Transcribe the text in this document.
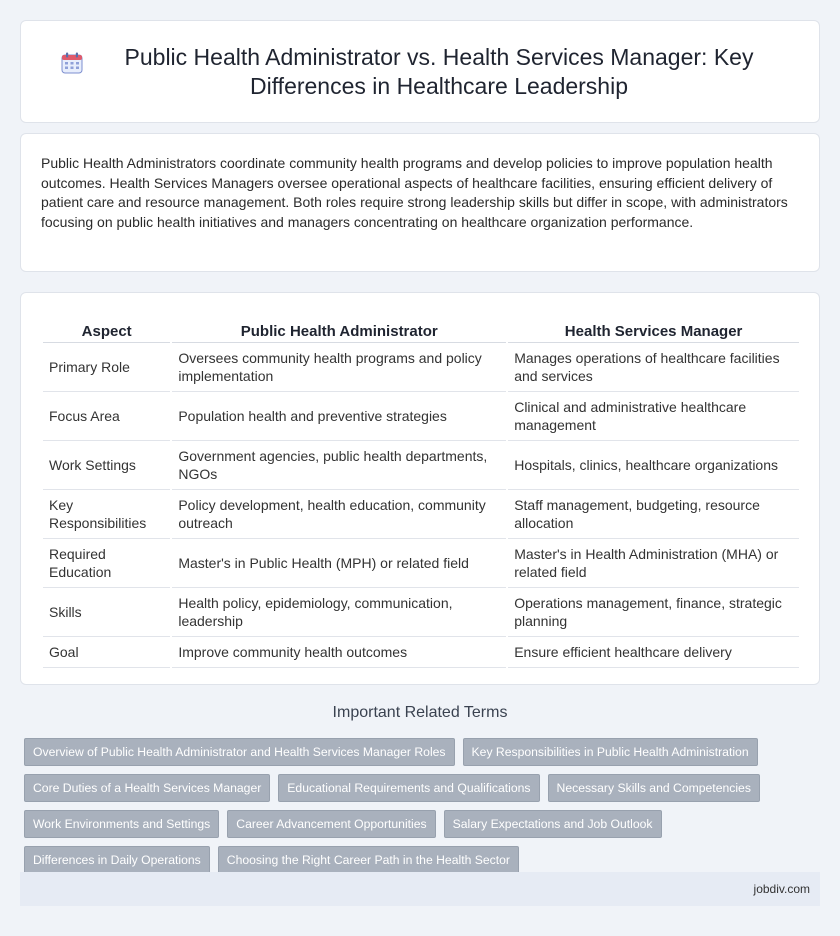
Public Health Administrator vs. Health Services Manager: Key Differences in Healthcare Leadership

Public Health Administrators coordinate community health programs and develop policies to improve population health outcomes. Health Services Managers oversee operational aspects of healthcare facilities, ensuring efficient delivery of patient care and resource management. Both roles require strong leadership skills but differ in scope, with administrators focusing on public health initiatives and managers concentrating on healthcare organization performance.

Aspect	Public Health Administrator	Health Services Manager
Primary Role	Oversees community health programs and policy implementation	Manages operations of healthcare facilities and services
Focus Area	Population health and preventive strategies	Clinical and administrative healthcare management
Work Settings	Government agencies, public health departments, NGOs	Hospitals, clinics, healthcare organizations
Key Responsibilities	Policy development, health education, community outreach	Staff management, budgeting, resource allocation
Required Education	Master's in Public Health (MPH) or related field	Master's in Health Administration (MHA) or related field
Skills	Health policy, epidemiology, communication, leadership	Operations management, finance, strategic planning
Goal	Improve community health outcomes	Ensure efficient healthcare delivery
Important Related Terms
Overview of Public Health Administrator and Health Services Manager Roles	Key Responsibilities in Public Health Administration
Core Duties of a Health Services Manager	Educational Requirements and Qualifications	Necessary Skills and Competencies
Work Environments and Settings	Career Advancement Opportunities	Salary Expectations and Job Outlook
Differences in Daily Operations	Choosing the Right Career Path in the Health Sector
jobdiv.com
